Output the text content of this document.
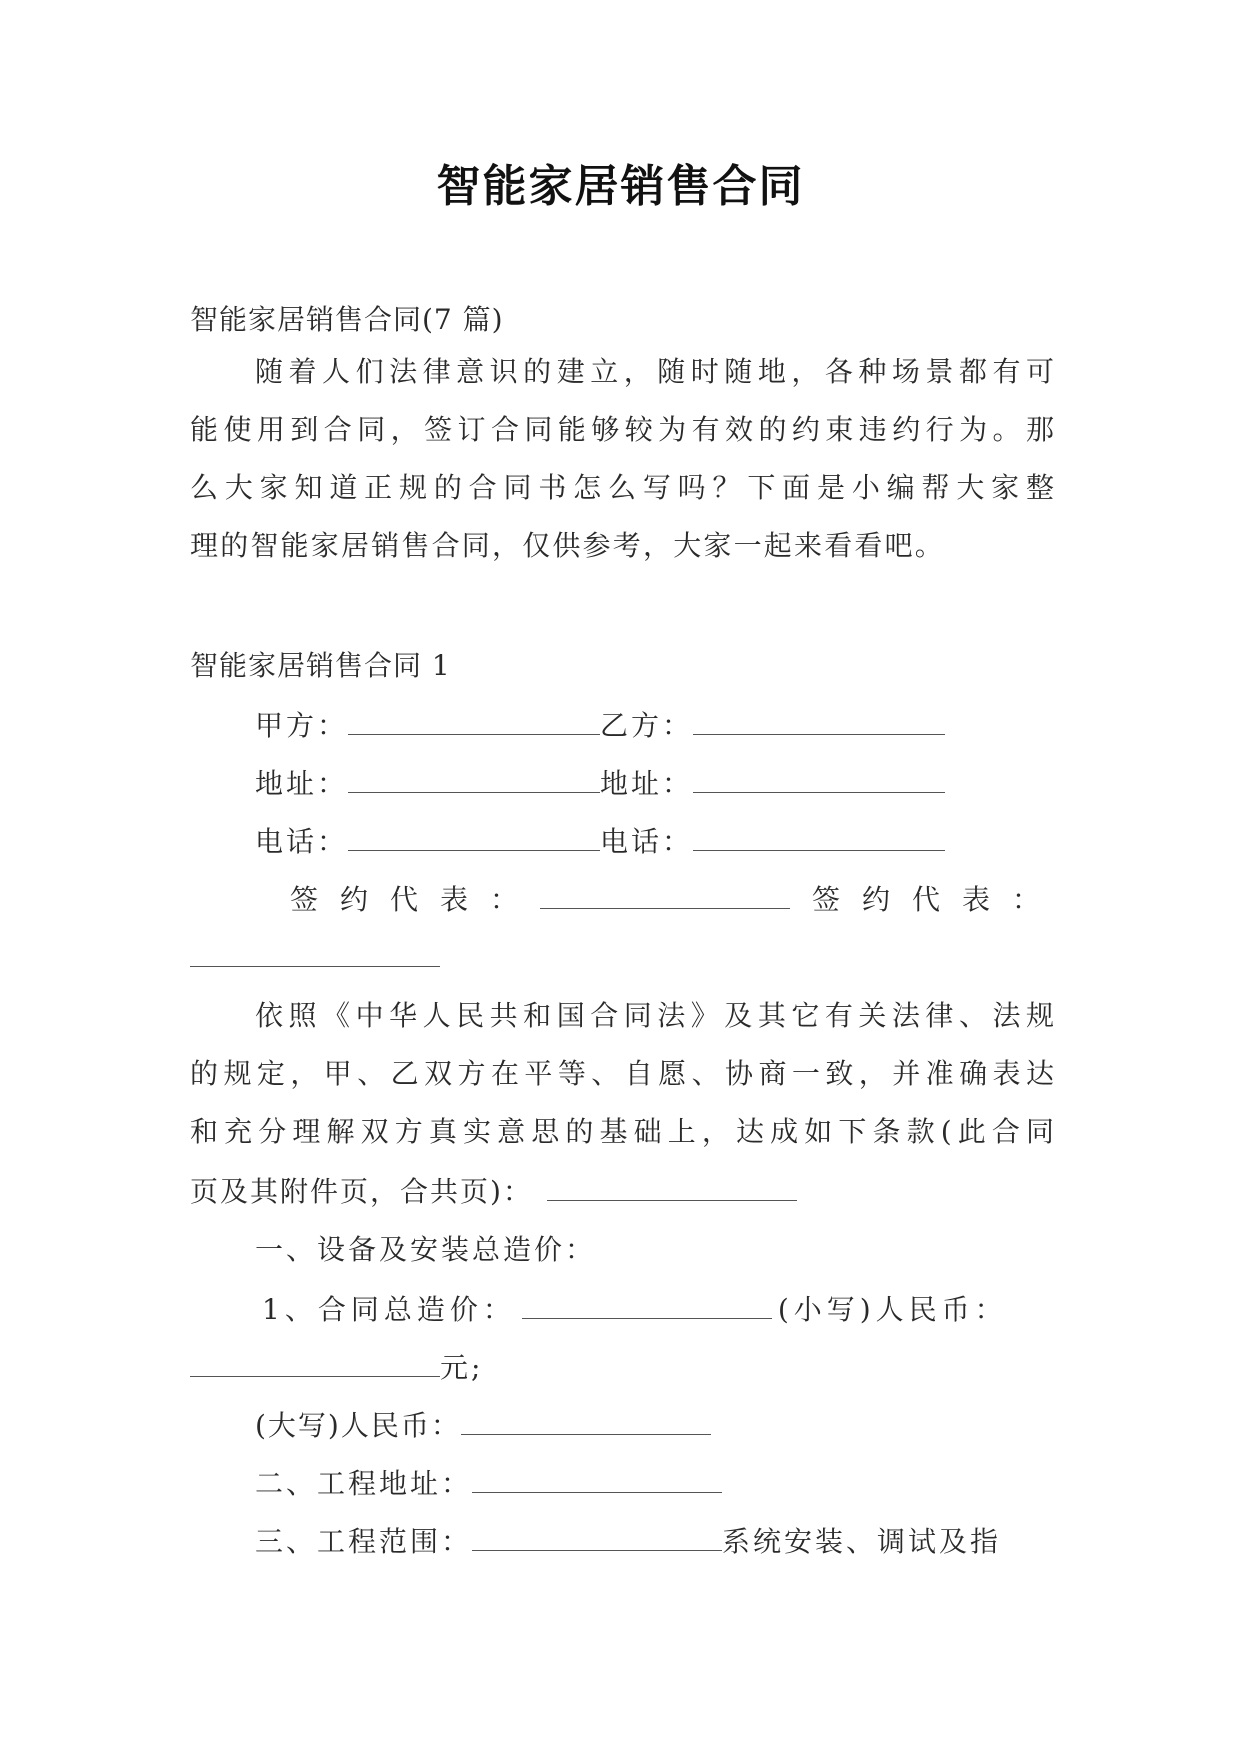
智能家居销售合同
智能家居销售合同(7 篇)
随着人们法律意识的建立，随时随地，各种场景都有可
能使用到合同，签订合同能够较为有效的约束违约行为。那
么大家知道正规的合同书怎么写吗？下面是小编帮大家整
理的智能家居销售合同，仅供参考，大家一起来看看吧。
智能家居销售合同 1
甲方：	乙方：
地址：	地址：
电话：	电话：
签约代表：	签约代表：
依照《中华人民共和国合同法》及其它有关法律、法规
的规定，甲、乙双方在平等、自愿、协商一致，并准确表达
和充分理解双方真实意思的基础上，达成如下条款(此合同
页及其附件页，合共页)：
一、设备及安装总造价：
1、合同总造价：	(小写)人民币：
元;
(大写)人民币：
二、工程地址：
三、工程范围：	系统安装、调试及指
